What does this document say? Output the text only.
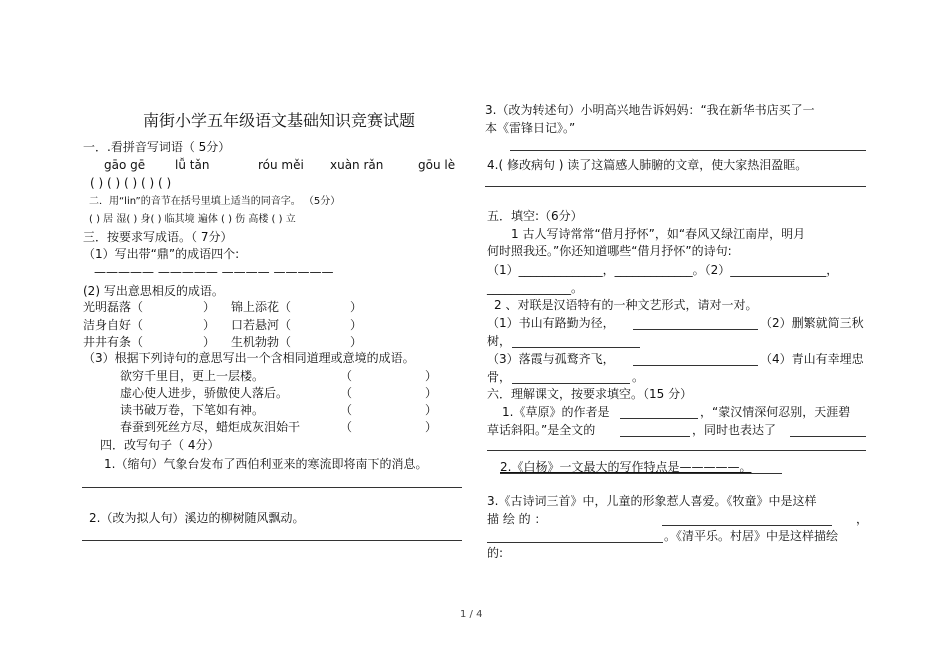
南街小学五年级语文基础知识竞赛试题
一．.看拼音写词语（ 5分）
gāo gē lǚ tǎn	róu měi xuàn rǎn	gōu lè
( ) ( ) ( ) ( ) ( )
二．用“lin”的音节在括号里填上适当的同音字。 （5分）
( ) 居 湿( ) 身( ) 临其境 遍体 ( ) 伤 高楼 ( ) 立
三．按要求写成语。（ 7分）
（1）写出带“鼎”的成语四个:
————— ————— ———— —————
(2) 写出意思相反的成语。
光明磊落（	） 锦上添花（	）
洁身自好（	） 口若悬河（	）
井井有条（	） 生机勃勃（	）
（3）根据下列诗句的意思写出一个含相同道理或意境的成语。
欲穷千里目，更上一层楼。	（	）
虚心使人进步，骄傲使人落后。	（	）
读书破万卷，下笔如有神。	（	）
春蚕到死丝方尽，蜡炬成灰泪始干	（	）
四．改写句子（ 4分）
1.（缩句）气象台发布了西伯利亚来的寒流即将南下的消息。
2.（改为拟人句）溪边的柳树随风飘动。
3.（改为转述句）小明高兴地告诉妈妈：“我在新华书店买了一
本《雷锋日记》。”
4.( 修改病句 ) 读了这篇感人肺腑的文章，使大家热泪盈眶。
五．填空:（6分）
1 古人写诗常常“借月抒怀”，如“春风又绿江南岸，明月
何时照我还。”你还知道哪些“借月抒怀”的诗句:
（1）______________，_____________。（2）________________，
______________。
2 、对联是汉语特有的一种文艺形式，请对一对。
（1）书山有路勤为径，	（2）删繁就简三秋
树，
（3）落霞与孤鹜齐飞，	（4）青山有幸埋忠
骨，	。
六．理解课文，按要求填空。（15 分）
1.《草原》的作者是	，“蒙汉情深何忍别，天涯碧
草话斜阳。”是全文的	，同时也表达了
2.《白杨》一文最大的写作特点是—————。
3.《古诗词三首》中，儿童的形象惹人喜爱。《牧童》中是这样
描 绘 的 ：	，
。《清平乐。村居》中是这样描绘
的:
1 / 4
